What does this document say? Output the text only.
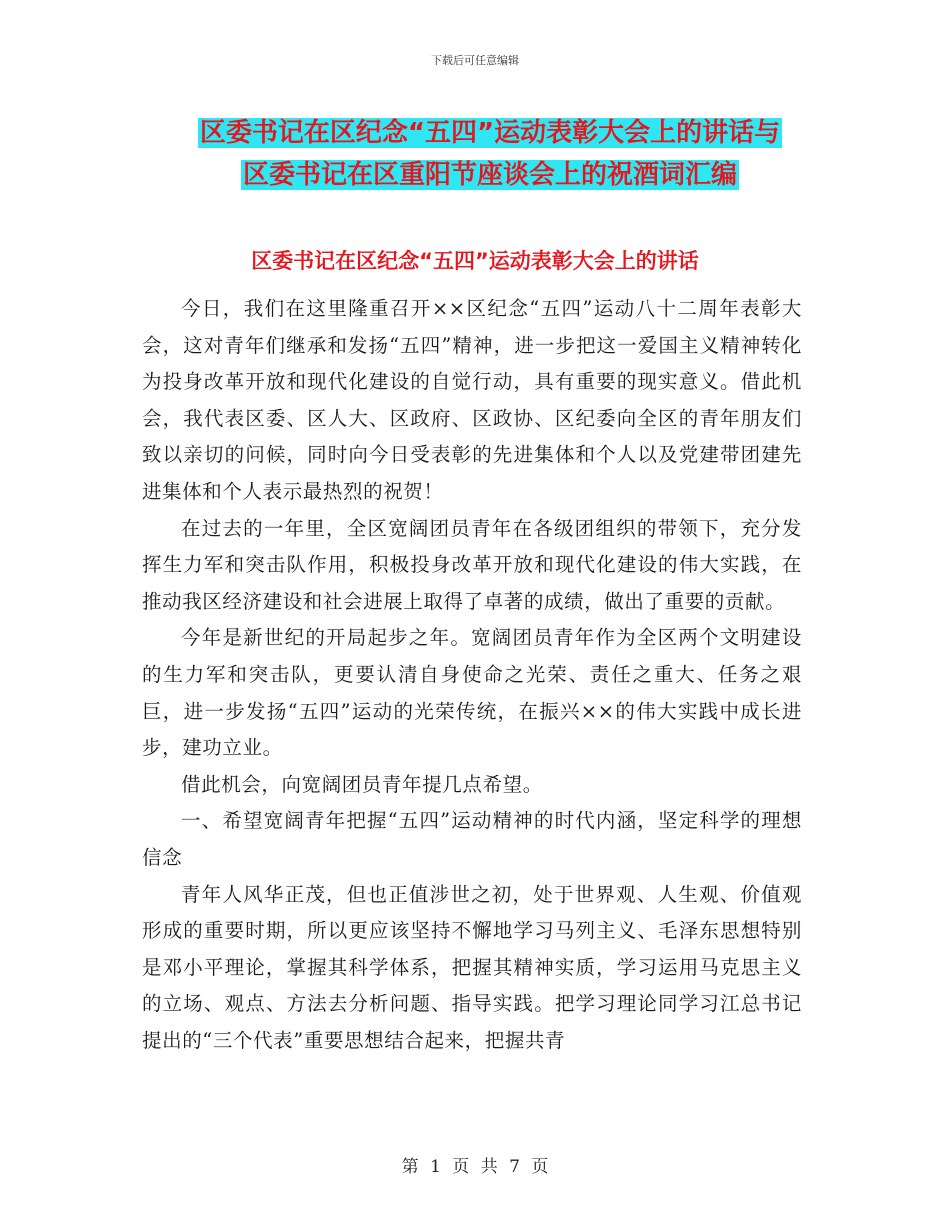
下载后可任意编辑
区委书记在区纪念“五四”运动表彰大会上的讲话与
区委书记在区重阳节座谈会上的祝酒词汇编
区委书记在区纪念“五四”运动表彰大会上的讲话

今日，我们在这里隆重召开××区纪念“五四”运动八十二周年表彰大会，这对青年们继承和发扬“五四”精神，进一步把这一爱国主义精神转化为投身改革开放和现代化建设的自觉行动，具有重要的现实意义。借此机会，我代表区委、区人大、区政府、区政协、区纪委向全区的青年朋友们致以亲切的问候，同时向今日受表彰的先进集体和个人以及党建带团建先进集体和个人表示最热烈的祝贺！

在过去的一年里，全区宽阔团员青年在各级团组织的带领下，充分发挥生力军和突击队作用，积极投身改革开放和现代化建设的伟大实践，在推动我区经济建设和社会进展上取得了卓著的成绩，做出了重要的贡献。

今年是新世纪的开局起步之年。宽阔团员青年作为全区两个文明建设的生力军和突击队，更要认清自身使命之光荣、责任之重大、任务之艰巨，进一步发扬“五四”运动的光荣传统，在振兴××的伟大实践中成长进步，建功立业。

借此机会，向宽阔团员青年提几点希望。

一、希望宽阔青年把握“五四”运动精神的时代内涵，坚定科学的理想信念

青年人风华正茂，但也正值涉世之初，处于世界观、人生观、价值观形成的重要时期，所以更应该坚持不懈地学习马列主义、毛泽东思想特别是邓小平理论，掌握其科学体系，把握其精神实质，学习运用马克思主义的立场、观点、方法去分析问题、指导实践。把学习理论同学习江总书记提出的“三个代表”重要思想结合起来，把握共青

第 1 页 共 7 页
